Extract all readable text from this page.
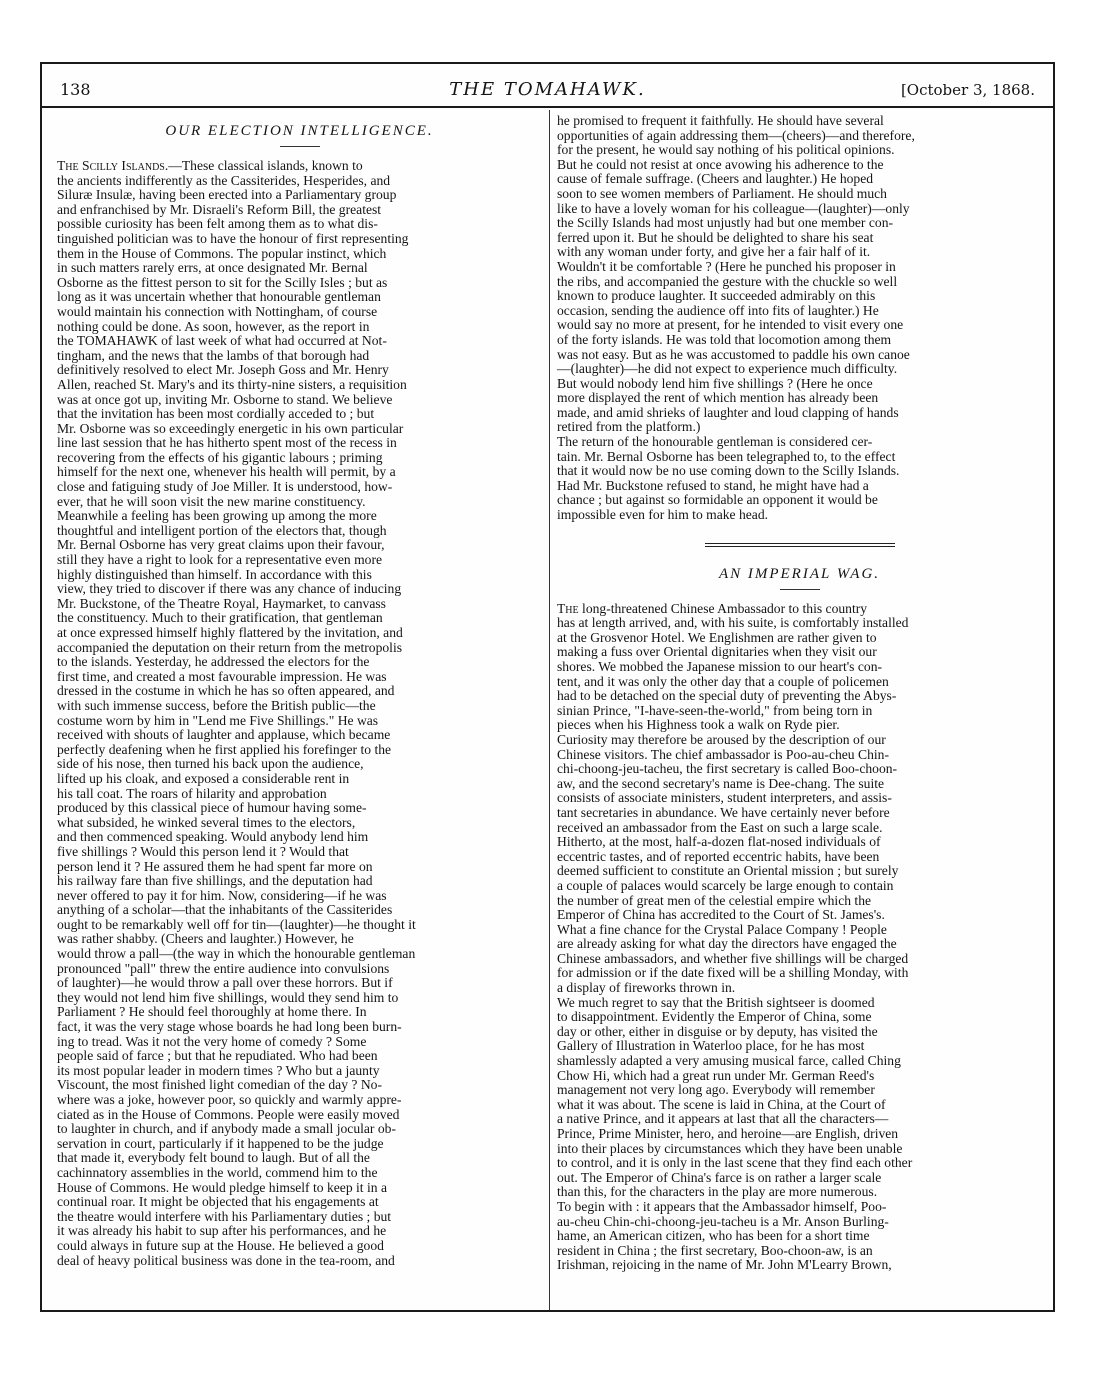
138	THE TOMAHAWK.	[October 3, 1868.
OUR ELECTION INTELLIGENCE.

The Scilly Islands.—These classical islands, known to
the ancients indifferently as the Cassiterides, Hesperides, and
Siluræ Insulæ, having been erected into a Parliamentary group
and enfranchised by Mr. Disraeli's Reform Bill, the greatest
possible curiosity has been felt among them as to what dis-
tinguished politician was to have the honour of first representing
them in the House of Commons. The popular instinct, which
in such matters rarely errs, at once designated Mr. Bernal
Osborne as the fittest person to sit for the Scilly Isles ; but as
long as it was uncertain whether that honourable gentleman
would maintain his connection with Nottingham, of course
nothing could be done. As soon, however, as the report in
the TOMAHAWK of last week of what had occurred at Not-
tingham, and the news that the lambs of that borough had
definitively resolved to elect Mr. Joseph Goss and Mr. Henry
Allen, reached St. Mary's and its thirty-nine sisters, a requisition
was at once got up, inviting Mr. Osborne to stand. We believe
that the invitation has been most cordially acceded to ; but
Mr. Osborne was so exceedingly energetic in his own particular
line last session that he has hitherto spent most of the recess in
recovering from the effects of his gigantic labours ; priming
himself for the next one, whenever his health will permit, by a
close and fatiguing study of Joe Miller. It is understood, how-
ever, that he will soon visit the new marine constituency.

Meanwhile a feeling has been growing up among the more
thoughtful and intelligent portion of the electors that, though
Mr. Bernal Osborne has very great claims upon their favour,
still they have a right to look for a representative even more
highly distinguished than himself. In accordance with this
view, they tried to discover if there was any chance of inducing
Mr. Buckstone, of the Theatre Royal, Haymarket, to canvass
the constituency. Much to their gratification, that gentleman
at once expressed himself highly flattered by the invitation, and
accompanied the deputation on their return from the metropolis
to the islands. Yesterday, he addressed the electors for the
first time, and created a most favourable impression. He was
dressed in the costume in which he has so often appeared, and
with such immense success, before the British public—the
costume worn by him in "Lend me Five Shillings." He was
received with shouts of laughter and applause, which became
perfectly deafening when he first applied his forefinger to the
side of his nose, then turned his back upon the audience,
lifted up his cloak, and exposed a considerable rent in
his tall coat. The roars of hilarity and approbation
produced by this classical piece of humour having some-
what subsided, he winked several times to the electors,
and then commenced speaking. Would anybody lend him
five shillings ? Would this person lend it ? Would that
person lend it ? He assured them he had spent far more on
his railway fare than five shillings, and the deputation had
never offered to pay it for him. Now, considering—if he was
anything of a scholar—that the inhabitants of the Cassiterides
ought to be remarkably well off for tin—(laughter)—he thought it
was rather shabby. (Cheers and laughter.) However, he
would throw a pall—(the way in which the honourable gentleman
pronounced "pall" threw the entire audience into convulsions
of laughter)—he would throw a pall over these horrors. But if
they would not lend him five shillings, would they send him to
Parliament ? He should feel thoroughly at home there. In
fact, it was the very stage whose boards he had long been burn-
ing to tread. Was it not the very home of comedy ? Some
people said of farce ; but that he repudiated. Who had been
its most popular leader in modern times ? Who but a jaunty
Viscount, the most finished light comedian of the day ? No-
where was a joke, however poor, so quickly and warmly appre-
ciated as in the House of Commons. People were easily moved
to laughter in church, and if anybody made a small jocular ob-
servation in court, particularly if it happened to be the judge
that made it, everybody felt bound to laugh. But of all the
cachinnatory assemblies in the world, commend him to the
House of Commons. He would pledge himself to keep it in a
continual roar. It might be objected that his engagements at
the theatre would interfere with his Parliamentary duties ; but
it was already his habit to sup after his performances, and he
could always in future sup at the House. He believed a good
deal of heavy political business was done in the tea-room, and

he promised to frequent it faithfully. He should have several
opportunities of again addressing them—(cheers)—and therefore,
for the present, he would say nothing of his political opinions.
But he could not resist at once avowing his adherence to the
cause of female suffrage. (Cheers and laughter.) He hoped
soon to see women members of Parliament. He should much
like to have a lovely woman for his colleague—(laughter)—only
the Scilly Islands had most unjustly had but one member con-
ferred upon it. But he should be delighted to share his seat
with any woman under forty, and give her a fair half of it.
Wouldn't it be comfortable ? (Here he punched his proposer in
the ribs, and accompanied the gesture with the chuckle so well
known to produce laughter. It succeeded admirably on this
occasion, sending the audience off into fits of laughter.) He
would say no more at present, for he intended to visit every one
of the forty islands. He was told that locomotion among them
was not easy. But as he was accustomed to paddle his own canoe
—(laughter)—he did not expect to experience much difficulty.
But would nobody lend him five shillings ? (Here he once
more displayed the rent of which mention has already been
made, and amid shrieks of laughter and loud clapping of hands
retired from the platform.)

The return of the honourable gentleman is considered cer-
tain. Mr. Bernal Osborne has been telegraphed to, to the effect
that it would now be no use coming down to the Scilly Islands.
Had Mr. Buckstone refused to stand, he might have had a
chance ; but against so formidable an opponent it would be
impossible even for him to make head.

AN IMPERIAL WAG.

The long-threatened Chinese Ambassador to this country
has at length arrived, and, with his suite, is comfortably installed
at the Grosvenor Hotel. We Englishmen are rather given to
making a fuss over Oriental dignitaries when they visit our
shores. We mobbed the Japanese mission to our heart's con-
tent, and it was only the other day that a couple of policemen
had to be detached on the special duty of preventing the Abys-
sinian Prince, "I-have-seen-the-world," from being torn in
pieces when his Highness took a walk on Ryde pier.

Curiosity may therefore be aroused by the description of our
Chinese visitors. The chief ambassador is Poo-au-cheu Chin-
chi-choong-jeu-tacheu, the first secretary is called Boo-choon-
aw, and the second secretary's name is Dee-chang. The suite
consists of associate ministers, student interpreters, and assis-
tant secretaries in abundance. We have certainly never before
received an ambassador from the East on such a large scale.
Hitherto, at the most, half-a-dozen flat-nosed individuals of
eccentric tastes, and of reported eccentric habits, have been
deemed sufficient to constitute an Oriental mission ; but surely
a couple of palaces would scarcely be large enough to contain
the number of great men of the celestial empire which the
Emperor of China has accredited to the Court of St. James's.
What a fine chance for the Crystal Palace Company ! People
are already asking for what day the directors have engaged the
Chinese ambassadors, and whether five shillings will be charged
for admission or if the date fixed will be a shilling Monday, with
a display of fireworks thrown in.

We much regret to say that the British sightseer is doomed
to disappointment. Evidently the Emperor of China, some
day or other, either in disguise or by deputy, has visited the
Gallery of Illustration in Waterloo place, for he has most
shamlessly adapted a very amusing musical farce, called Ching
Chow Hi, which had a great run under Mr. German Reed's
management not very long ago. Everybody will remember
what it was about. The scene is laid in China, at the Court of
a native Prince, and it appears at last that all the characters—
Prince, Prime Minister, hero, and heroine—are English, driven
into their places by circumstances which they have been unable
to control, and it is only in the last scene that they find each other
out. The Emperor of China's farce is on rather a larger scale
than this, for the characters in the play are more numerous.
To begin with : it appears that the Ambassador himself, Poo-
au-cheu Chin-chi-choong-jeu-tacheu is a Mr. Anson Burling-
hame, an American citizen, who has been for a short time
resident in China ; the first secretary, Boo-choon-aw, is an
Irishman, rejoicing in the name of Mr. John M'Learry Brown,
